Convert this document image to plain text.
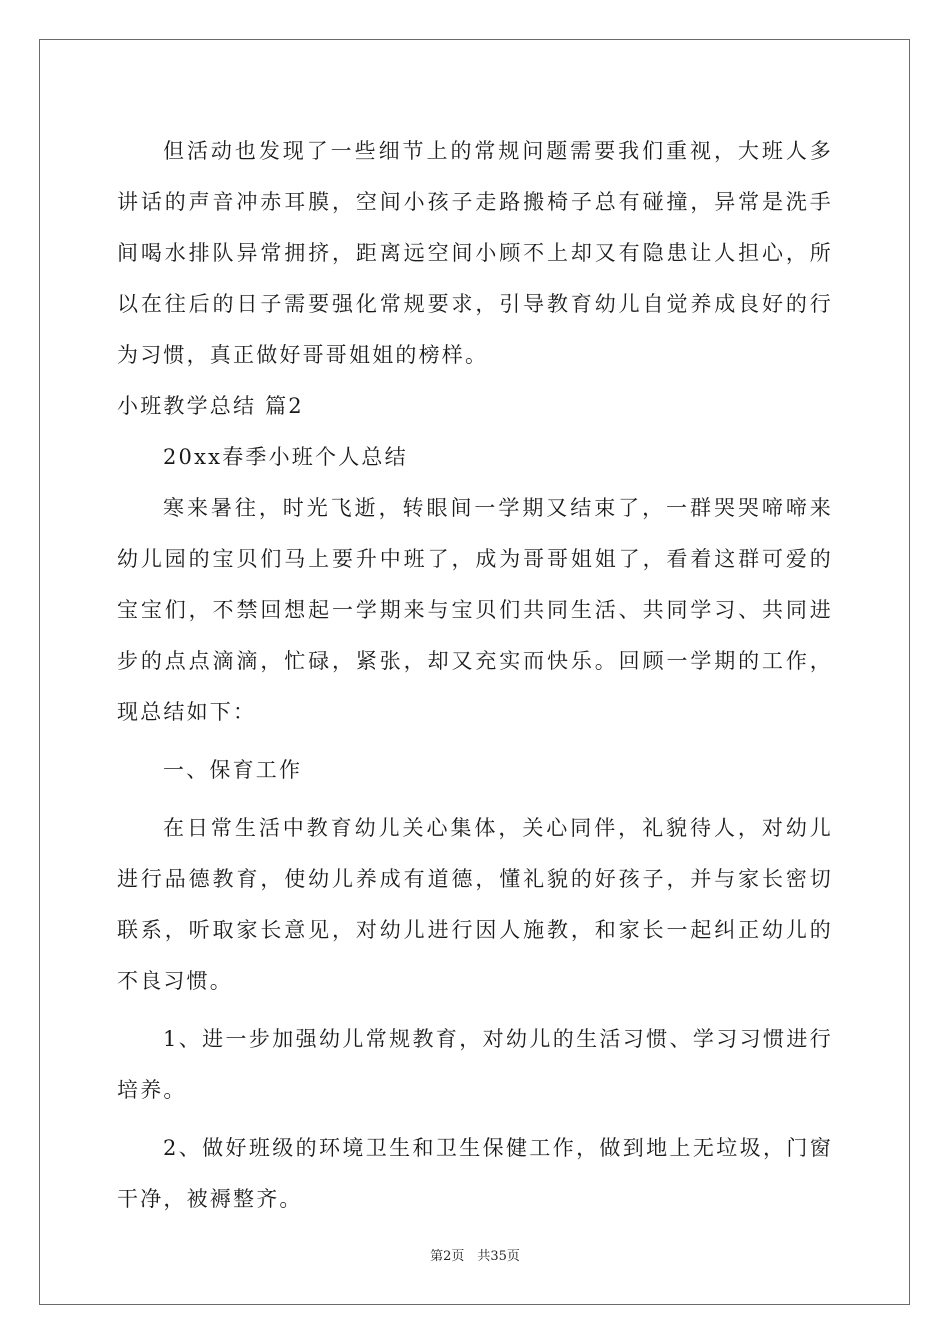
但活动也发现了一些细节上的常规问题需要我们重视，大班人多讲话的声音冲赤耳膜，空间小孩子走路搬椅子总有碰撞，异常是洗手间喝水排队异常拥挤，距离远空间小顾不上却又有隐患让人担心，所以在往后的日子需要强化常规要求，引导教育幼儿自觉养成良好的行为习惯，真正做好哥哥姐姐的榜样。

小班教学总结 篇2

20xx春季小班个人总结

寒来暑往，时光飞逝，转眼间一学期又结束了，一群哭哭啼啼来幼儿园的宝贝们马上要升中班了，成为哥哥姐姐了，看着这群可爱的宝宝们，不禁回想起一学期来与宝贝们共同生活、共同学习、共同进步的点点滴滴，忙碌，紧张，却又充实而快乐。回顾一学期的工作，现总结如下：

一、保育工作

在日常生活中教育幼儿关心集体，关心同伴，礼貌待人，对幼儿进行品德教育，使幼儿养成有道德，懂礼貌的好孩子，并与家长密切联系，听取家长意见，对幼儿进行因人施教，和家长一起纠正幼儿的不良习惯。

1、进一步加强幼儿常规教育，对幼儿的生活习惯、学习习惯进行培养。

2、做好班级的环境卫生和卫生保健工作，做到地上无垃圾，门窗干净，被褥整齐。

第2页　共35页
